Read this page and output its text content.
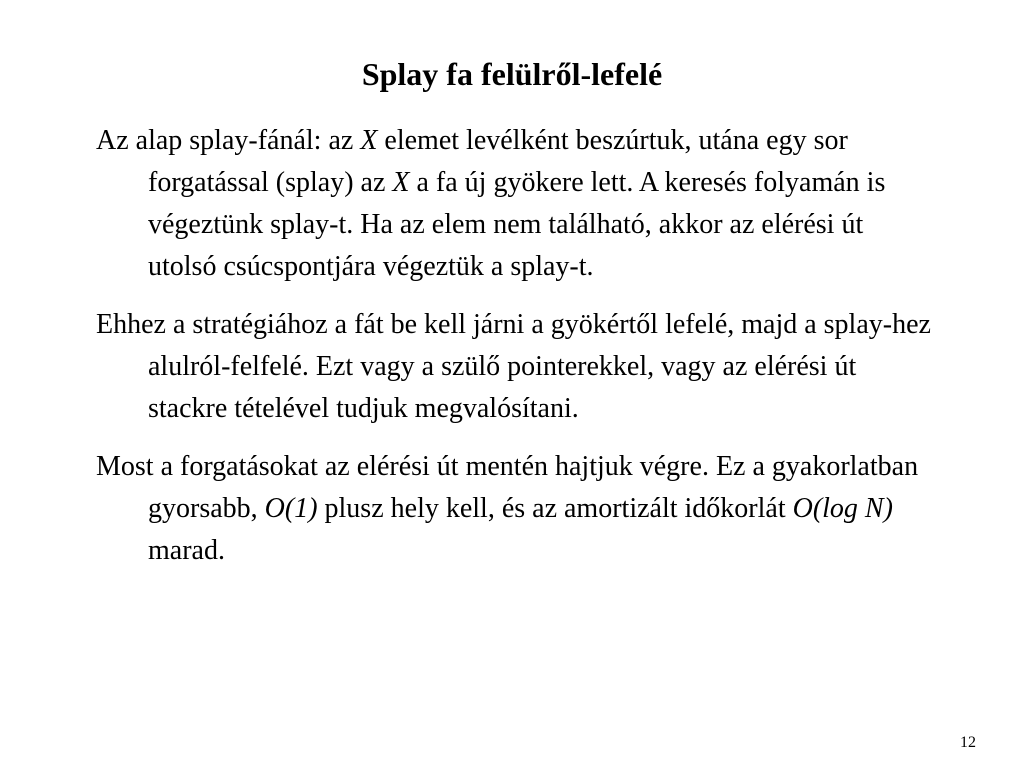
Splay fa felülről-lefelé

Az alap splay-fánál: az X elemet levélként beszúrtuk, utána egy sor forgatással (splay) az X a fa új gyökere lett. A keresés folyamán is végeztünk splay-t. Ha az elem nem található, akkor az elérési út utolsó csúcspontjára végeztük a splay-t.

Ehhez a stratégiához a fát be kell járni a gyökértől lefelé, majd a splay-hez alulról-felfelé. Ezt vagy a szülő pointerekkel, vagy az elérési út stackre tételével tudjuk megvalósítani.

Most a forgatásokat az elérési út mentén hajtjuk végre. Ez a gyakorlatban gyorsabb, O(1) plusz hely kell, és az amortizált időkorlát O(log N) marad.

12
